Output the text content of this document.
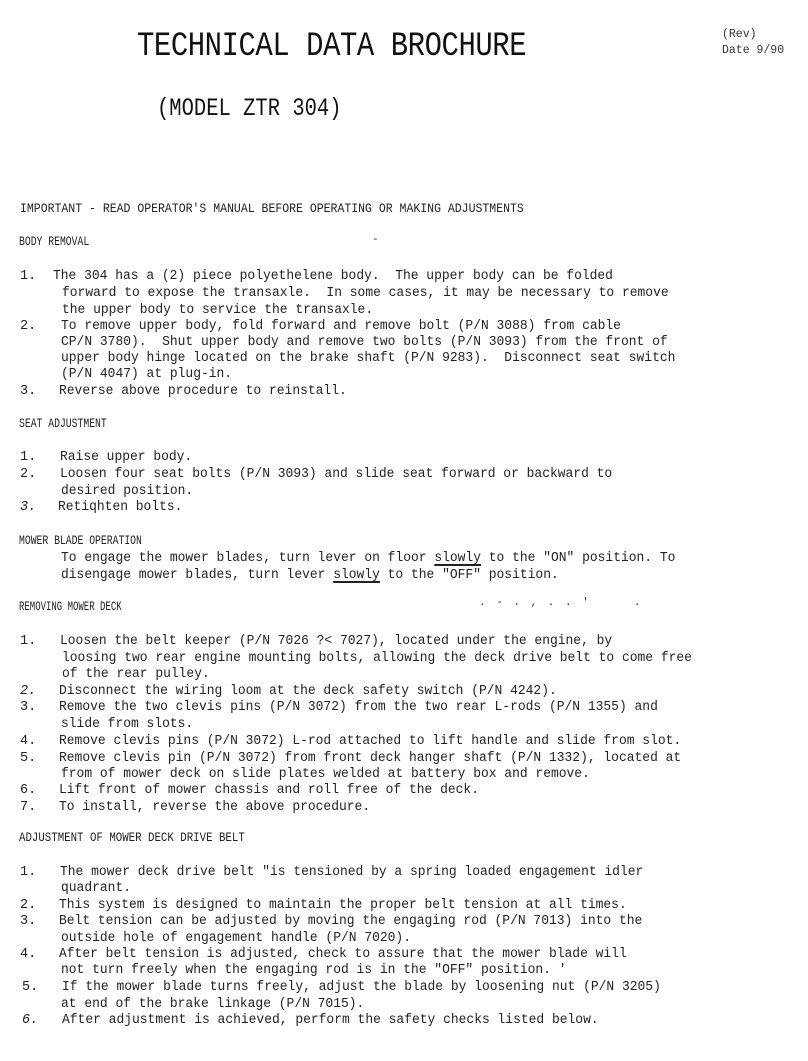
TECHNICAL DATA BROCHURE	(Rev)
Date 9/90
(MODEL ZTR 304)
IMPORTANT - READ OPERATOR'S MANUAL BEFORE OPERATING OR MAKING ADJUSTMENTS
BODY REMOVAL	-
1. The 304 has a (2) piece polyethelene body.  The upper body can be folded
forward to expose the transaxle.  In some cases, it may be necessary to remove
the upper body to service the transaxle.
2. To remove upper body, fold forward and remove bolt (P/N 3088) from cable
CP/N 3780).  Shut upper body and remove two bolts (P/N 3093) from the front of
upper body hinge located on the brake shaft (P/N 9283).  Disconnect seat switch
(P/N 4047) at plug-in.
3. Reverse above procedure to reinstall.
SEAT ADJUSTMENT
1. Raise upper body.
2. Loosen four seat bolts (P/N 3093) and slide seat forward or backward to
desired position.
3. Retiqhten bolts.
MOWER BLADE OPERATION
To engage the mower blades, turn lever on floor slowly to the "ON" position. To
disengage mower blades, turn lever slowly to the "OFF" position.
REMOVING MOWER DECK	. - . , . . '     .
1. Loosen the belt keeper (P/N 7026 ?< 7027), located under the engine, by
loosing two rear engine mounting bolts, allowing the deck drive belt to come free
of the rear pulley.
2. Disconnect the wiring loom at the deck safety switch (P/N 4242).
3. Remove the two clevis pins (P/N 3072) from the two rear L-rods (P/N 1355) and
slide from slots.
4. Remove clevis pins (P/N 3072) L-rod attached to lift handle and slide from slot.
5. Remove clevis pin (P/N 3072) from front deck hanger shaft (P/N 1332), located at
from of mower deck on slide plates welded at battery box and remove.
6. Lift front of mower chassis and roll free of the deck.
7. To install, reverse the above procedure.
ADJUSTMENT OF MOWER DECK DRIVE BELT
1. The mower deck drive belt "is tensioned by a spring loaded engagement idler
quadrant.
2. This system is designed to maintain the proper belt tension at all times.
3. Belt tension can be adjusted by moving the engaging rod (P/N 7013) into the
outside hole of engagement handle (P/N 7020).
4. After belt tension is adjusted, check to assure that the mower blade will
not turn freely when the engaging rod is in the "OFF" position. '
5. If the mower blade turns freely, adjust the blade by loosening nut (P/N 3205)
at end of the brake linkage (P/N 7015).
6. After adjustment is achieved, perform the safety checks listed below.
